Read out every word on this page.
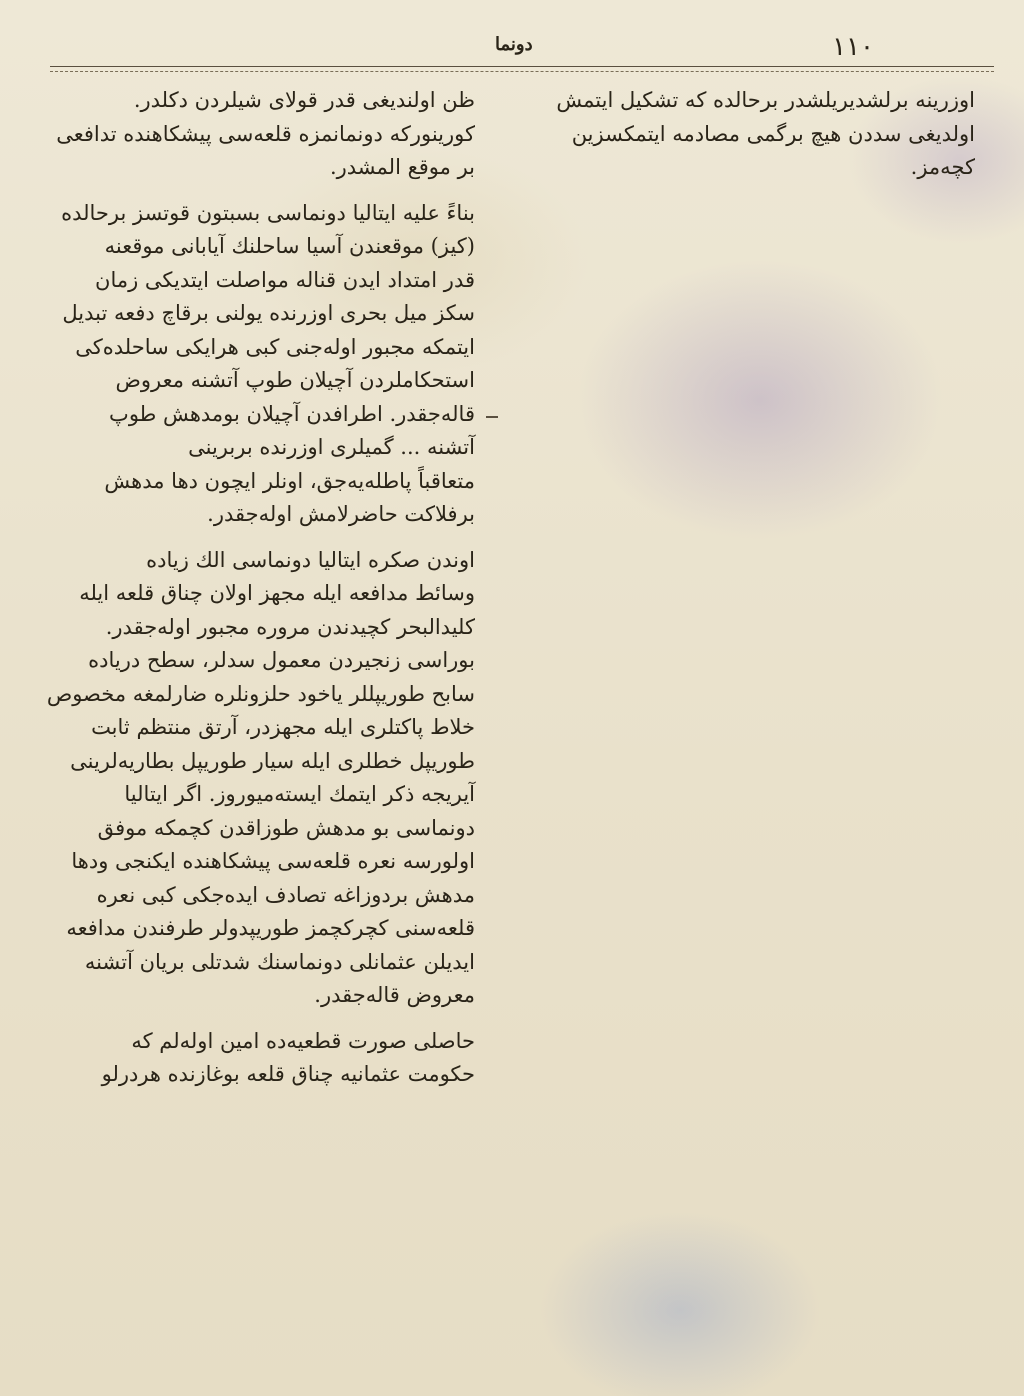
١١٠
دونما

اوزرینه برلشدیریلشدر برحالده که تشکیل ایتمش
اولدیغی سددن هیچ برگمی مصادمه ایتمکسزین
کچه‌مز.

ظن اولندیغی قدر قولای شیلردن دکلدر.
کورینورکه دونمانمزه قلعه‌سی پیشکاهنده تدافعی
بر موقع المشدر.

بناءً علیه ایتالیا دونماسی بسبتون قوتسز برحالده
(کیز) موقعندن آسیا ساحلنك آیابانی موقعنه
قدر امتداد ایدن قناله مواصلت ایتدیکی زمان
سکز میل بحری اوزرنده یولنی برقاچ دفعه تبدیل
ایتمکه مجبور اوله‌جنی کبی هرایکی ساحلده‌کی
استحکاملردن آچیلان طوپ آتشنه معروض
قاله‌جقدر. اطرافدن آچیلان بومدهش طوپ
آتشنه ... گمیلری اوزرنده بربرینی
متعاقباً پاطله‌یه‌جق، اونلر ایچون دها مدهش
برفلاکت حاضرلامش اوله‌جقدر.

اوندن صکره ایتالیا دونماسی الك زیاده
وسائط مدافعه ایله مجهز اولان چناق قلعه ایله
کلیدالبحر کچیدندن مروره مجبور اوله‌جقدر.
بوراسی زنجیردن معمول سدلر، سطح دریاده
سابح طوریپللر یاخود حلزونلره ضارلمغه مخصوص
خلاط پاکتلری ایله مجهزدر، آرتق منتظم ثابت
طوریپل خطلری ایله سیار طوریپل بطاریه‌لرینی
آیریجه ذکر ایتمك ایسته‌میوروز. اگر ایتالیا
دونماسی بو مدهش طوزاقدن کچمکه موفق
اولورسه نعره قلعه‌سی پیشکاهنده ایکنجی ودها
مدهش بردوزاغه تصادف ایده‌جکی کبی نعره
قلعه‌سنی کچرکچمز طوریپدولر طرفندن مدافعه
ایدیلن عثمانلی دونماسنك شدتلی بریان آتشنه
معروض قاله‌جقدر.

حاصلی صورت قطعیه‌ده امین اوله‌لم که
حکومت عثمانیه چناق قلعه بوغازنده هردرلو
